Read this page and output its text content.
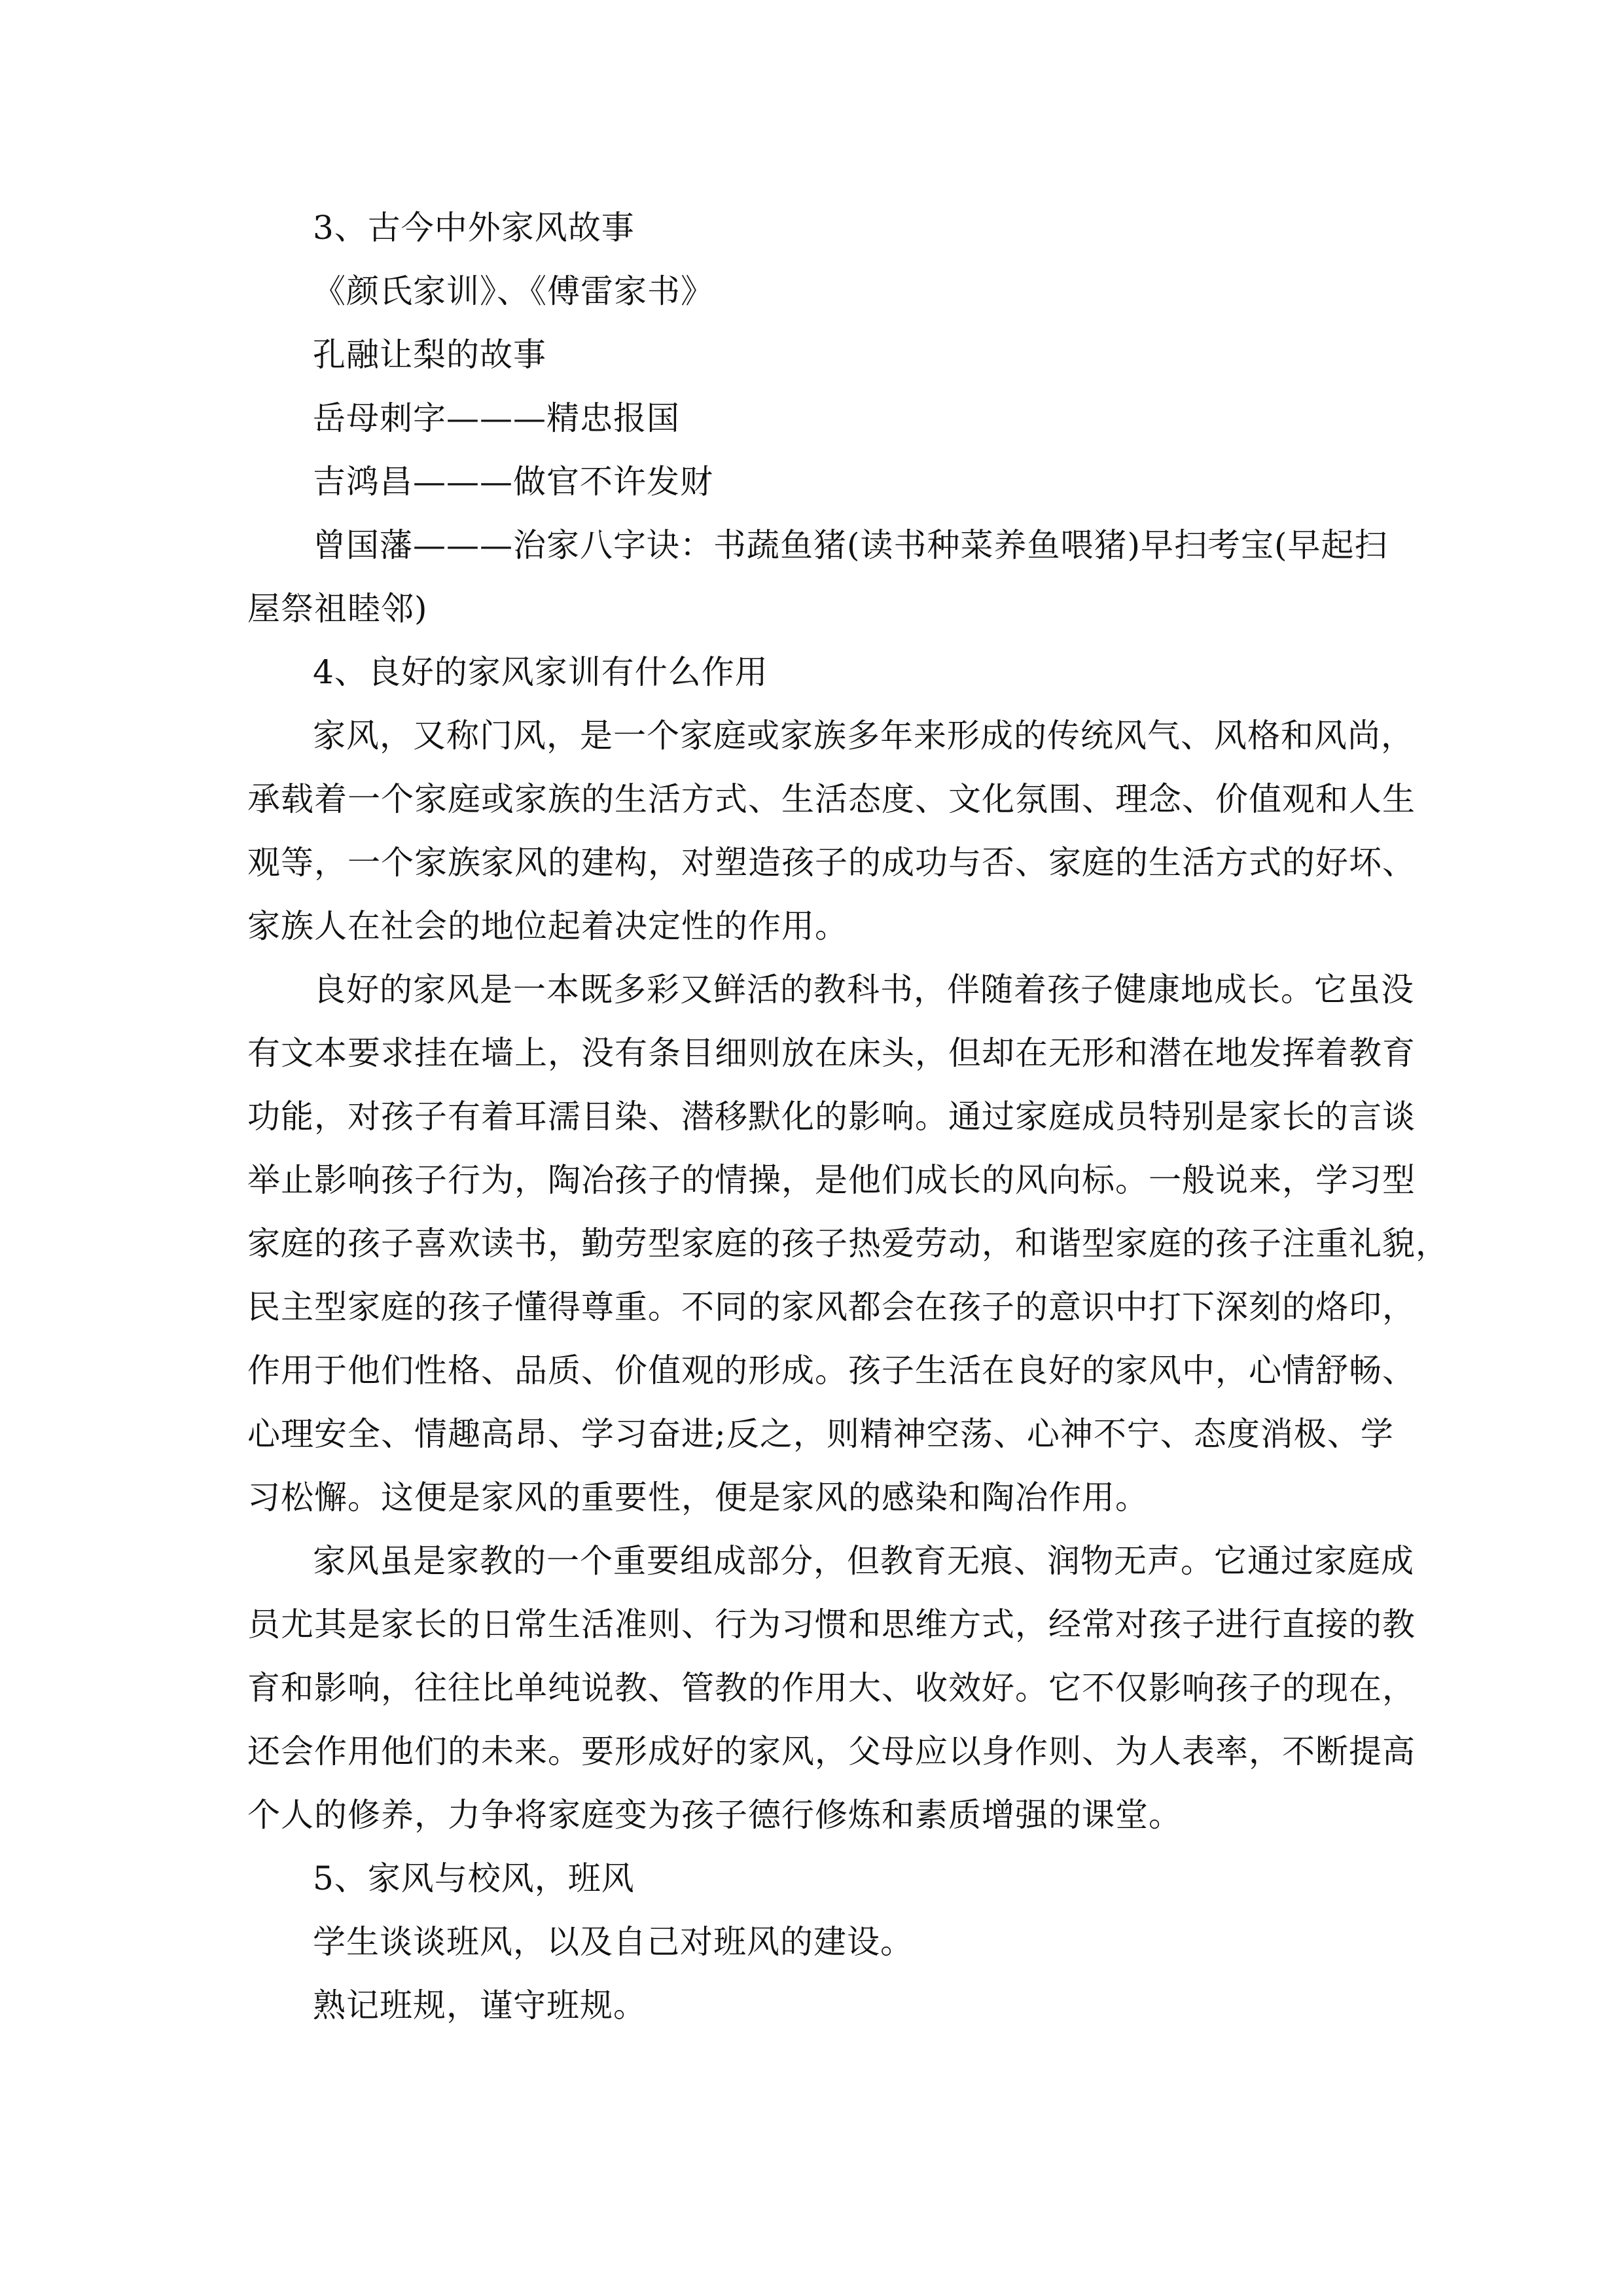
3、古今中外家风故事
《颜氏家训》、《傅雷家书》
孔融让梨的故事
岳母刺字———精忠报国
吉鸿昌———做官不许发财
曾国藩———治家八字诀：书蔬鱼猪(读书种菜养鱼喂猪)早扫考宝(早起扫
屋祭祖睦邻)
4、良好的家风家训有什么作用
家风，又称门风，是一个家庭或家族多年来形成的传统风气、风格和风尚，
承载着一个家庭或家族的生活方式、生活态度、文化氛围、理念、价值观和人生
观等，一个家族家风的建构，对塑造孩子的成功与否、家庭的生活方式的好坏、
家族人在社会的地位起着决定性的作用。
良好的家风是一本既多彩又鲜活的教科书，伴随着孩子健康地成长。它虽没
有文本要求挂在墙上，没有条目细则放在床头，但却在无形和潜在地发挥着教育
功能，对孩子有着耳濡目染、潜移默化的影响。通过家庭成员特别是家长的言谈
举止影响孩子行为，陶冶孩子的情操，是他们成长的风向标。一般说来，学习型
家庭的孩子喜欢读书，勤劳型家庭的孩子热爱劳动，和谐型家庭的孩子注重礼貌，
民主型家庭的孩子懂得尊重。不同的家风都会在孩子的意识中打下深刻的烙印，
作用于他们性格、品质、价值观的形成。孩子生活在良好的家风中，心情舒畅、
心理安全、情趣高昂、学习奋进;反之，则精神空荡、心神不宁、态度消极、学
习松懈。这便是家风的重要性，便是家风的感染和陶冶作用。
家风虽是家教的一个重要组成部分，但教育无痕、润物无声。它通过家庭成
员尤其是家长的日常生活准则、行为习惯和思维方式，经常对孩子进行直接的教
育和影响，往往比单纯说教、管教的作用大、收效好。它不仅影响孩子的现在，
还会作用他们的未来。要形成好的家风，父母应以身作则、为人表率，不断提高
个人的修养，力争将家庭变为孩子德行修炼和素质增强的课堂。
5、家风与校风，班风
学生谈谈班风，以及自己对班风的建设。
熟记班规，谨守班规。
